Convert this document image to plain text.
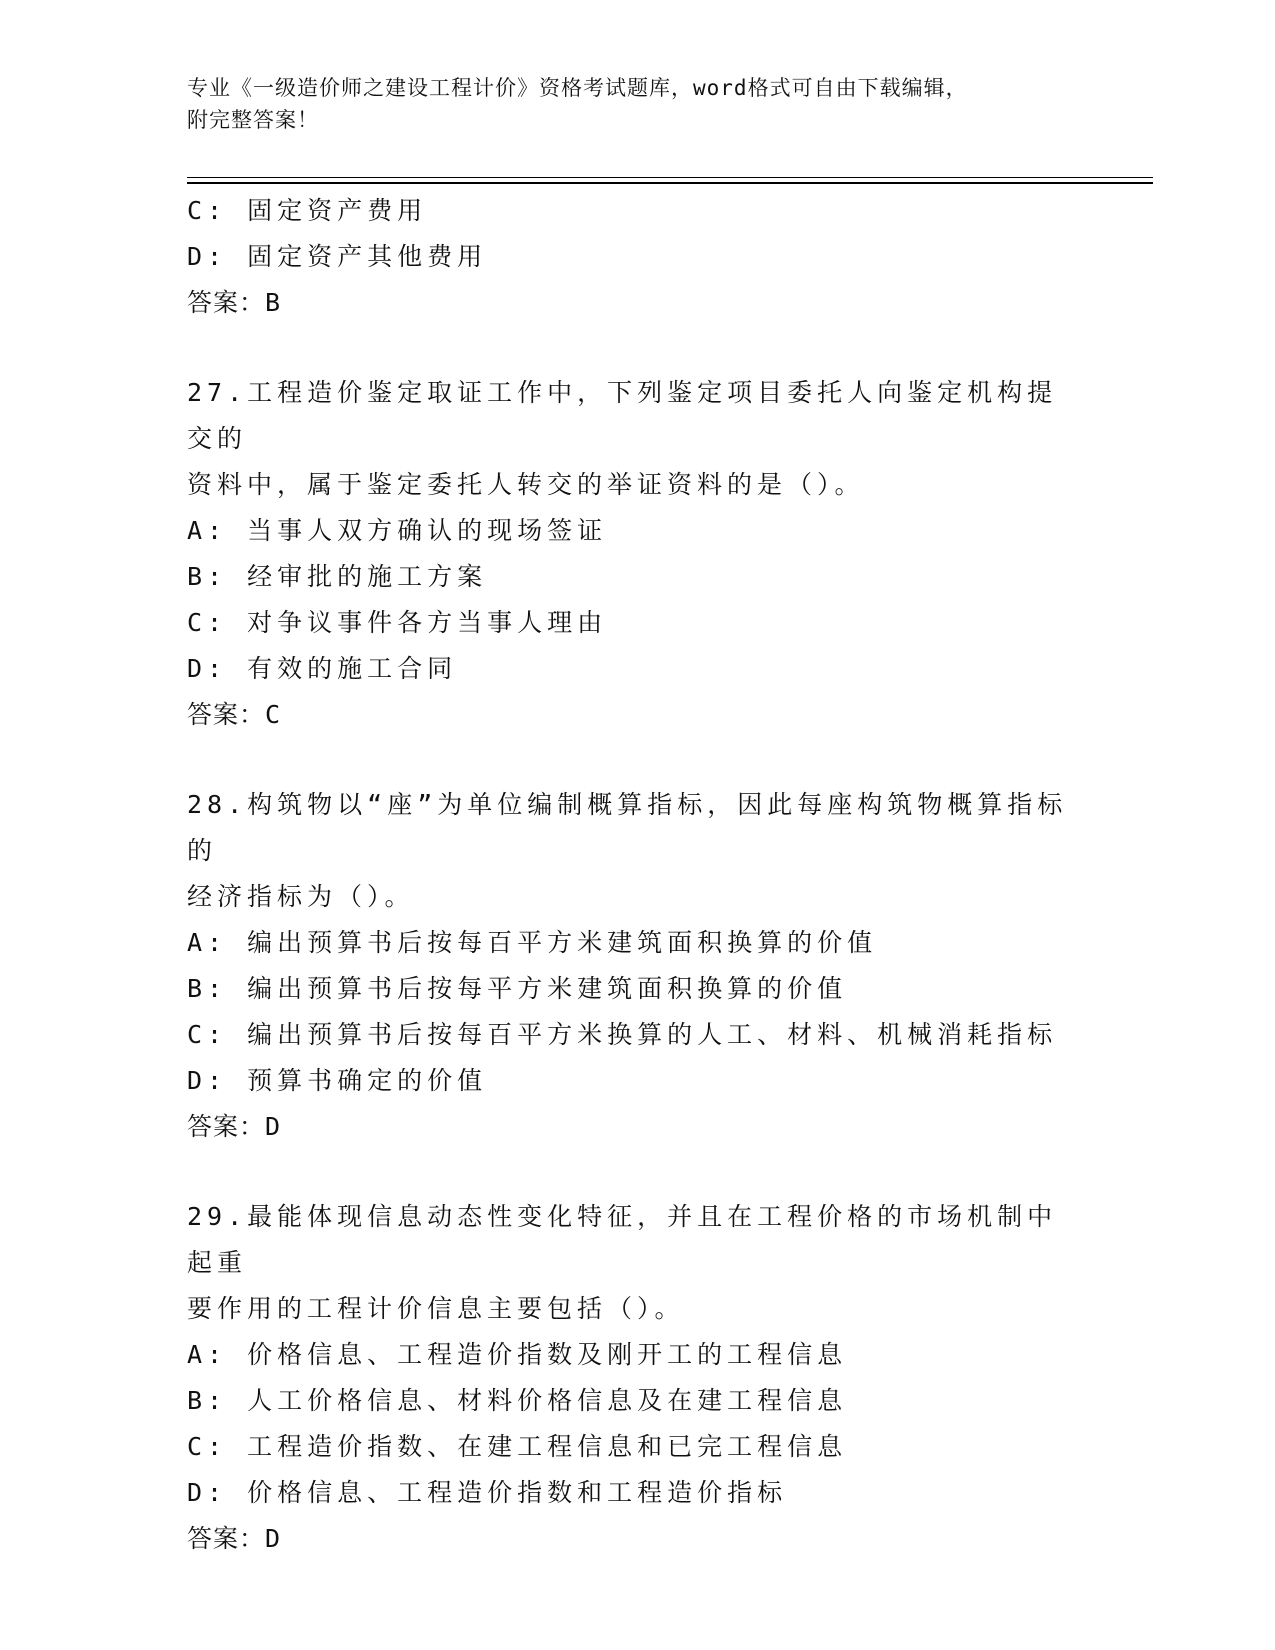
专业《一级造价师之建设工程计价》资格考试题库，word格式可自由下载编辑，
附完整答案！
C: 固定资产费用
D: 固定资产其他费用
答案：B
27.工程造价鉴定取证工作中，下列鉴定项目委托人向鉴定机构提交的
资料中，属于鉴定委托人转交的举证资料的是（）。
A: 当事人双方确认的现场签证
B: 经审批的施工方案
C: 对争议事件各方当事人理由
D: 有效的施工合同
答案：C
28.构筑物以“座”为单位编制概算指标，因此每座构筑物概算指标的
经济指标为（）。
A: 编出预算书后按每百平方米建筑面积换算的价值
B: 编出预算书后按每平方米建筑面积换算的价值
C: 编出预算书后按每百平方米换算的人工、材料、机械消耗指标
D: 预算书确定的价值
答案：D
29.最能体现信息动态性变化特征，并且在工程价格的市场机制中起重
要作用的工程计价信息主要包括（）。
A: 价格信息、工程造价指数及刚开工的工程信息
B: 人工价格信息、材料价格信息及在建工程信息
C: 工程造价指数、在建工程信息和已完工程信息
D: 价格信息、工程造价指数和工程造价指标
答案：D
